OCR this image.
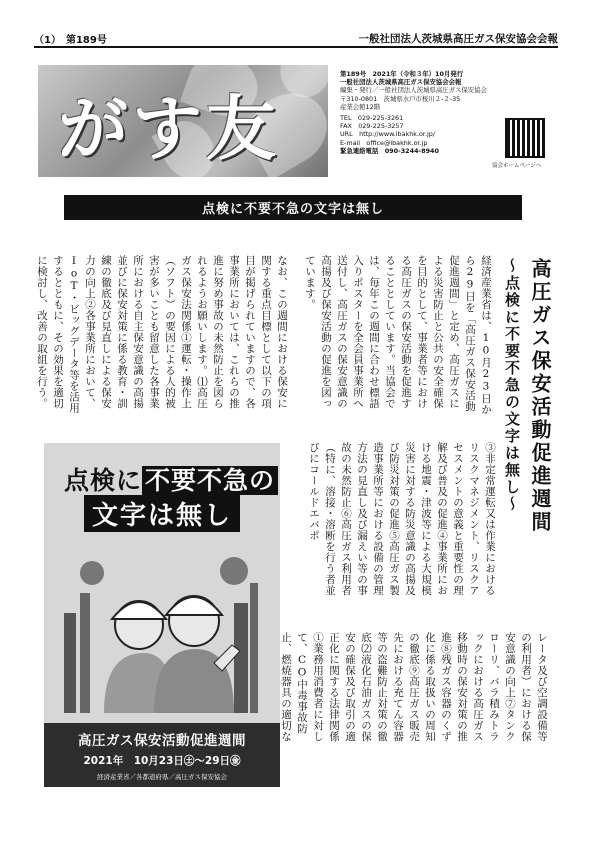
（1）　第189号	一般社団法人茨城県高圧ガス保安協会会報
がす友
第189号　2021年（令和３年）10月発行
一般社団法人茨城県高圧ガス保安協会会報
編集・発行／一般社団法人茨城県高圧ガス保安協会
〒310-0801　茨城県水戸市桜川２-２-35
産業会館12階
TEL　029-225-3261
FAX　029-225-3257
URL　http://www.ibakhk.or.jp/
E-mail　office@ibakhk.or.jp
緊急連絡電話　090-3244-8940
協会ホームページへ
点検に不要不急の文字は無し
高圧ガス保安活動促進週間
～点検に不要不急の文字は無し～
経済産業省は、10月23日から29日を「高圧ガス保安活動促進週間」と定め、高圧ガスによる災害防止と公共の安全確保を目的として、事業者等における高圧ガスの保安活動を促進することとしています。当協会では、毎年この週間に合わせ標語入りポスターを全会員事業所へ送付し、高圧ガスの保安意識の高揚及び保安活動の促進を図っています。
なお、この週間における保安に関する重点目標として以下の項目が掲げられていますので、各事業所においては、これらの推進に努め事故の未然防止を図られるようお願いします。⑴高圧ガス保安法関係①運転・操作上（ソフト）の要因による人的被害が多いことも留意した各事業所における自主保安意識の高揚並びに保安対策に係る教育・訓練の徹底及び見直しによる保安力の向上②各事業所において、IoT・ビッグデータ等を活用するとともに、その効果を適切に検討し、改善の取組を行う。
③非定常運転又は作業におけるリスクマネジメント、リスクアセスメントの意義と重要性の理解及び普及の促進④事業所における地震・津波等による大規模災害に対する防災意識の高揚及び防災対策の促進⑤高圧ガス製造事業所等における設備の管理方法の見直し及び漏えい等の事故の未然防止⑥高圧ガス利用者（特に、溶接・溶断を行う者並びにコールドエバポ
レータ及び空調設備等の利用者）における保安意識の向上⑦タンクローリ、バラ積みトラックにおける高圧ガス移動時の保安対策の推進⑧残ガス容器のくず化に係る取扱いの周知の徹底⑨高圧ガス販売先における充てん容器等の盗難防止対策の徹底⑵液化石油ガスの保安の確保及び取引の適正化に関する法律関係①業務用消費者に対して、CO中毒事故防止、燃焼器具の適切な
点検に 不要不急の
文字は無し
高圧ガス保安活動促進週間
2021年　10月23日㊏～29日㊎
経済産業省／各都道府県／高圧ガス保安協会
